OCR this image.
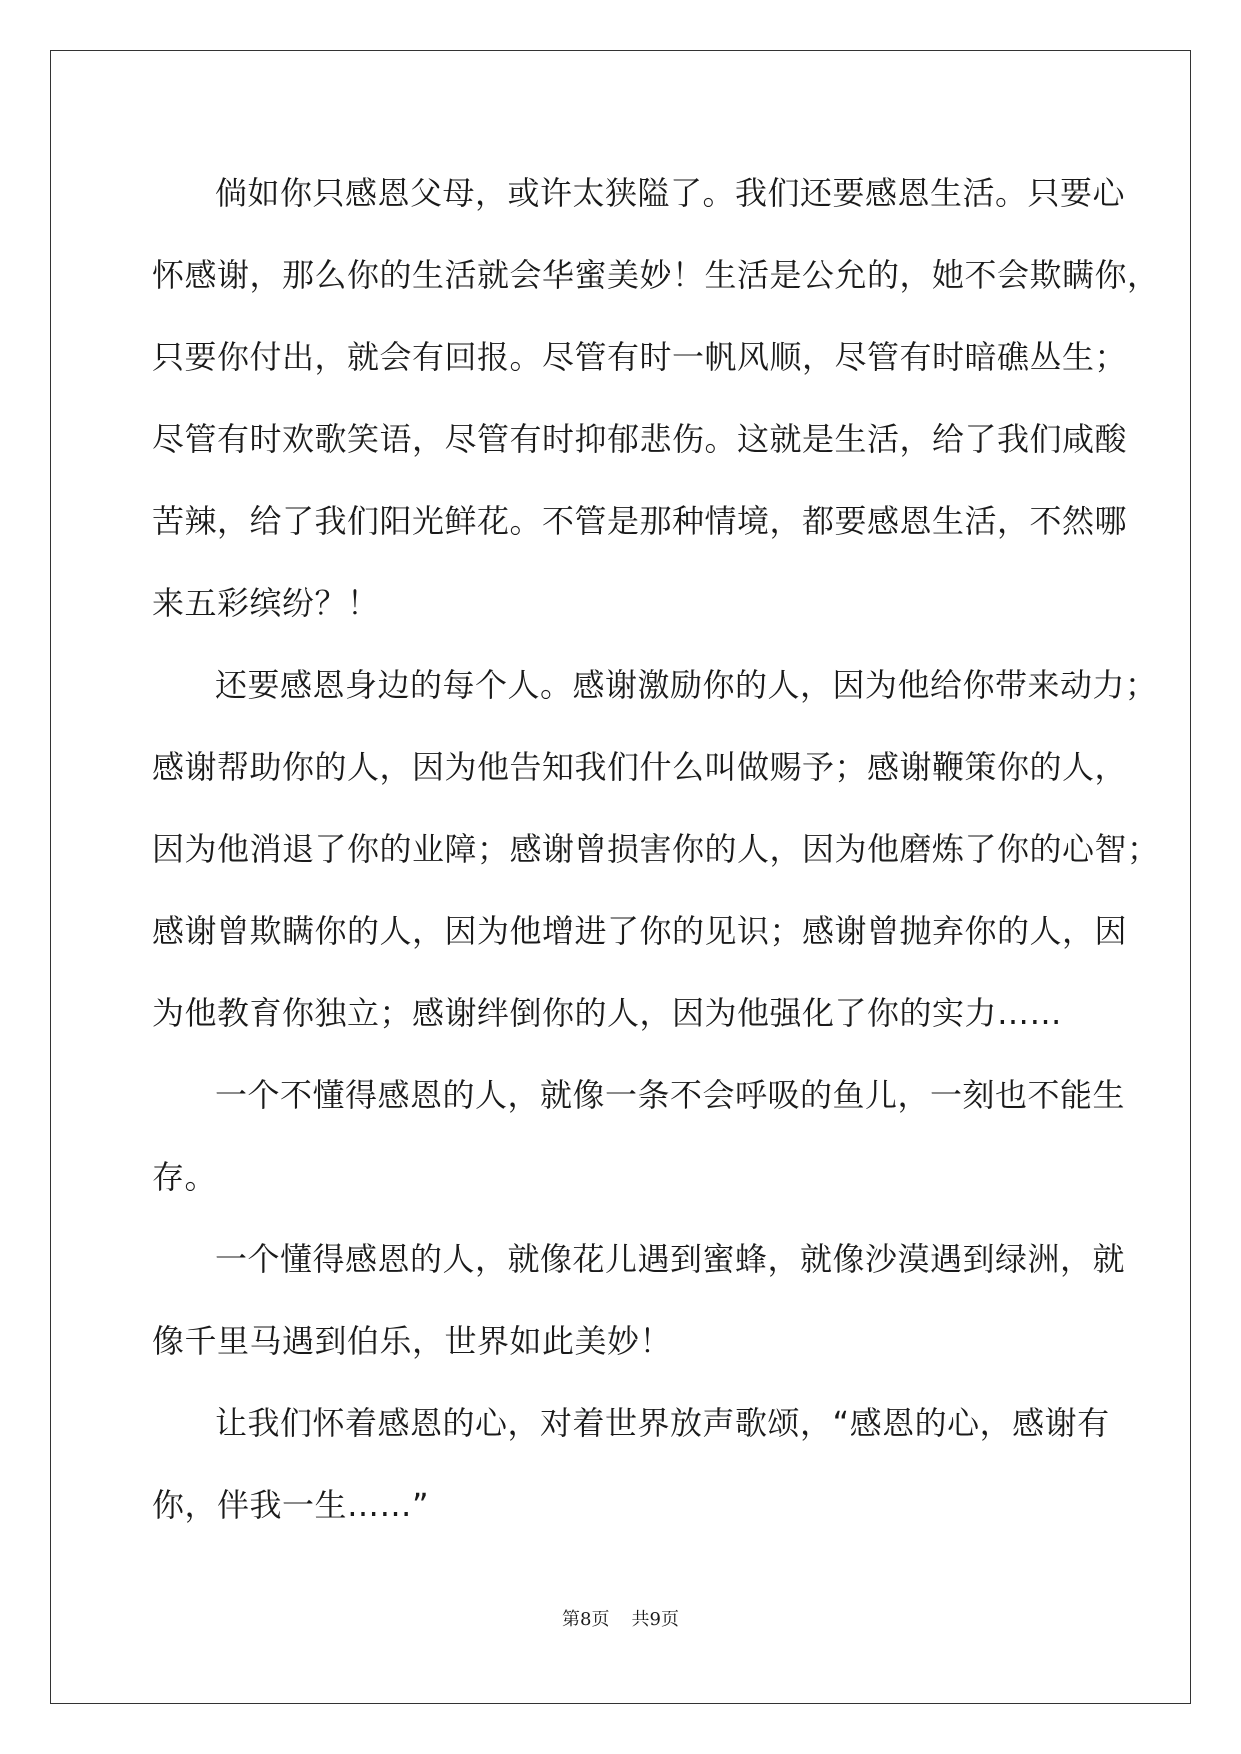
倘如你只感恩父母，或许太狭隘了。我们还要感恩生活。只要心
怀感谢，那么你的生活就会华蜜美妙！生活是公允的，她不会欺瞒你，
只要你付出，就会有回报。尽管有时一帆风顺，尽管有时暗礁丛生；
尽管有时欢歌笑语，尽管有时抑郁悲伤。这就是生活，给了我们咸酸
苦辣，给了我们阳光鲜花。不管是那种情境，都要感恩生活，不然哪
来五彩缤纷？！
还要感恩身边的每个人。感谢激励你的人，因为他给你带来动力；
感谢帮助你的人，因为他告知我们什么叫做赐予；感谢鞭策你的人，
因为他消退了你的业障；感谢曾损害你的人，因为他磨炼了你的心智；
感谢曾欺瞒你的人，因为他增进了你的见识；感谢曾抛弃你的人，因
为他教育你独立；感谢绊倒你的人，因为他强化了你的实力……
一个不懂得感恩的人，就像一条不会呼吸的鱼儿，一刻也不能生
存。
一个懂得感恩的人，就像花儿遇到蜜蜂，就像沙漠遇到绿洲，就
像千里马遇到伯乐，世界如此美妙！
让我们怀着感恩的心，对着世界放声歌颂，“感恩的心，感谢有
你，伴我一生……”
第8页 共9页
